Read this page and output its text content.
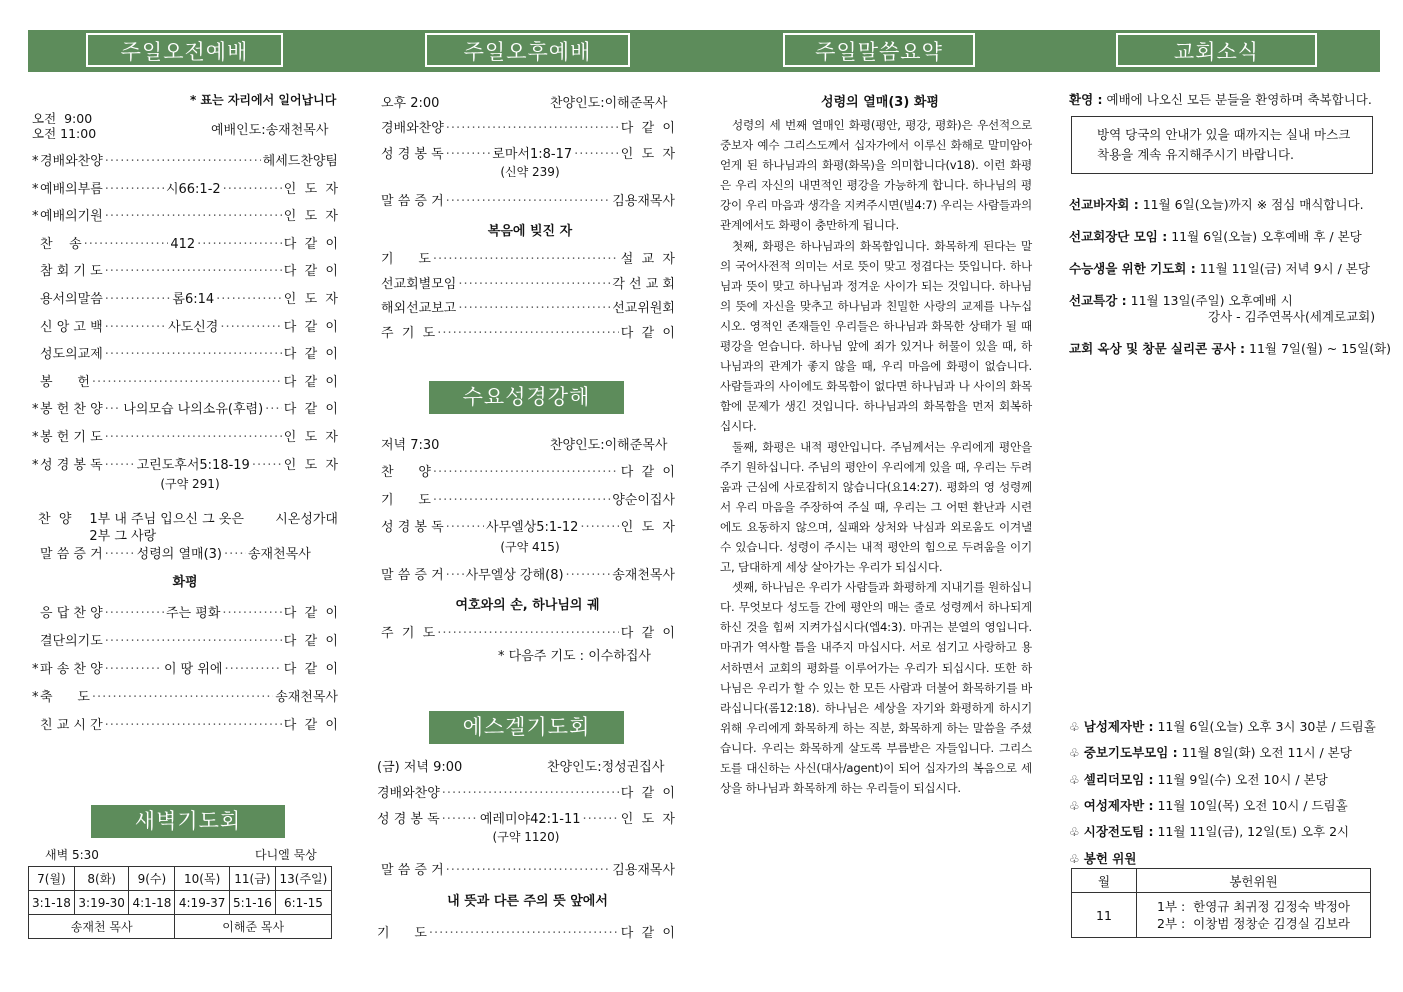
주일오전예배	주일오후예배	주일말씀요약	교회소식
* 표는 자리에서 일어납니다
오전  9:00
오전 11:00	예배인도:송재천목사
* 경배와찬양 ·····	헤세드찬양팀
* 예배의부름 ·····	시66:1-2 ·····	인  도  자
* 예배의기원 ·····	인  도  자
찬    송 ·····	412 ·····	다  같  이
참 회 기 도 ·····	다  같  이
용서의말씀 ·····	롬6:14 ·····	인  도  자
신 앙 고 백 ·····	사도신경 ·····	다  같  이
성도의교제 ·····	다  같  이
봉      헌 ·····	다  같  이
* 봉 헌 찬 양 ····· 나의모습 나의소유(후렴) ····· 다  같  이
* 봉 헌 기 도 ·····	인  도  자
* 성 경 봉 독 ·····	고린도후서5:18-19 ·····	인  도  자
(구약 291)
찬  양 1부 내 주님 입으신 그 옷은
2부 그 사랑
시온성가대
말 씀 증 거 ·····	성령의 열매(3) ····· 송재천목사
화평
응 답 찬 양 ·····	주는 평화 ·····	다  같  이
결단의기도 ·····	다  같  이
* 파 송 찬 양 ·····	이 땅 위에 ·····	다  같  이
* 축      도 ·····	송재천목사
친 교 시 간 ·····	다  같  이
새벽기도회
새벽 5:30	다니엘 묵상
7(월)	8(화)	9(수)	10(목)	11(금)	13(주일)
3:1-18	3:19-30	4:1-18	4:19-37	5:1-16	6:1-15
송재천 목사			이해준 목사		
오후 2:00	찬양인도:이해준목사
경배와찬양 ·····	다  같  이
성 경 봉 독 ·····	로마서1:8-17 ·····	인  도  자
(신약 239)
말 씀 증 거 ·····	김용재목사
복음에 빚진 자
기      도 ·····	설  교  자
선교회별모임 ·····	각 선 교 회
해외선교보고 ·····	선교위원회
주  기  도 ·····	다  같  이
수요성경강해
저녁 7:30	찬양인도:이해준목사
찬      양 ·····	다  같  이
기      도 ·····	양순이집사
성 경 봉 독 ·····	사무엘상5:1-12 ·····	인  도  자
(구약 415)
말 씀 증 거 ····· 사무엘상 강해(8) ·····	송재천목사
여호와의 손, 하나님의 궤
주  기  도 ·····	다  같  이
* 다음주 기도 : 이수하집사
에스겔기도회
(금) 저녁 9:00	찬양인도:정성권집사
경배와찬양 ·····	다  같  이
성 경 봉 독 ·····	예레미야42:1-11 ·····	인  도  자
(구약 1120)
말 씀 증 거 ·····	김용재목사
내 뜻과 다른 주의 뜻 앞에서
기      도 ·····	다  같  이
성령의 열매(3) 화평

성령의 세 번째 열매인 화평(평안, 평강, 평화)은 우선적으로 중보자 예수 그리스도께서 십자가에서 이루신 화해로 말미암아 얻게 된 하나님과의 화평(화목)을 의미합니다(v18). 이런 화평은 우리 자신의 내면적인 평강을 가능하게 합니다. 하나님의 평강이 우리 마음과 생각을 지켜주시면(빌4:7) 우리는 사람들과의 관계에서도 화평이 충만하게 됩니다.

첫째, 화평은 하나님과의 화목함입니다. 화목하게 된다는 말의 국어사전적 의미는 서로 뜻이 맞고 정겹다는 뜻입니다. 하나님과 뜻이 맞고 하나님과 정겨운 사이가 되는 것입니다. 하나님의 뜻에 자신을 맞추고 하나님과 친밀한 사랑의 교제를 나누십시오. 영적인 존재들인 우리들은 하나님과 화목한 상태가 될 때 평강을 얻습니다. 하나님 앞에 죄가 있거나 허물이 있을 때, 하나님과의 관계가 좋지 않을 때, 우리 마음에 화평이 없습니다. 사람들과의 사이에도 화목함이 없다면 하나님과 나 사이의 화목함에 문제가 생긴 것입니다. 하나님과의 화목함을 먼저 회복하십시다.

둘째, 화평은 내적 평안입니다. 주님께서는 우리에게 평안을 주기 원하십니다. 주님의 평안이 우리에게 있을 때, 우리는 두려움과 근심에 사로잡히지 않습니다(요14:27). 평화의 영 성령께서 우리 마음을 주장하여 주실 때, 우리는 그 어떤 환난과 시련에도 요동하지 않으며, 실패와 상처와 낙심과 외로움도 이겨낼 수 있습니다. 성령이 주시는 내적 평안의 힘으로 두려움을 이기고, 담대하게 세상 살아가는 우리가 되십시다.

셋째, 하나님은 우리가 사람들과 화평하게 지내기를 원하십니다. 무엇보다 성도들 간에 평안의 매는 줄로 성령께서 하나되게 하신 것을 힘써 지켜가십시다(엡4:3). 마귀는 분열의 영입니다. 마귀가 역사할 틈을 내주지 마십시다. 서로 섬기고 사랑하고 용서하면서 교회의 평화를 이루어가는 우리가 되십시다. 또한 하나님은 우리가 할 수 있는 한 모든 사람과 더불어 화목하기를 바라십니다(롬12:18). 하나님은 세상을 자기와 화평하게 하시기 위해 우리에게 화목하게 하는 직분, 화목하게 하는 말씀을 주셨습니다. 우리는 화목하게 살도록 부름받은 자들입니다. 그리스도를 대신하는 사신(대사/agent)이 되어 십자가의 복음으로 세상을 하나님과 화목하게 하는 우리들이 되십시다.

환영 : 예배에 나오신 모든 분들을 환영하며 축복합니다.
방역 당국의 안내가 있을 때까지는 실내 마스크 착용을 계속 유지해주시기 바랍니다.
선교바자회 : 11월 6일(오늘)까지 ※ 점심 매식합니다.
선교회장단 모임 : 11월 6일(오늘) 오후예배 후 / 본당
수능생을 위한 기도회 : 11월 11일(금) 저녁 9시 / 본당
선교특강 : 11월 13일(주일) 오후예배 시
강사 - 김주연목사(세계로교회)
교회 옥상 및 창문 실리콘 공사 : 11월 7일(월) ~ 15일(화)
♧ 남성제자반 : 11월 6일(오늘) 오후 3시 30분 / 드림홀
♧ 중보기도부모임 : 11월 8일(화) 오전 11시 / 본당
♧ 셀리더모임 : 11월 9일(수) 오전 10시 / 본당
♧ 여성제자반 : 11월 10일(목) 오전 10시 / 드림홀
♧ 시장전도팀 : 11월 11일(금), 12일(토) 오후 2시
♧ 봉헌 위원
월	봉헌위원
11	1부 :  한영규 최귀정 김정숙 박정아
2부 :  이창범 정창순 김경실 김보라
